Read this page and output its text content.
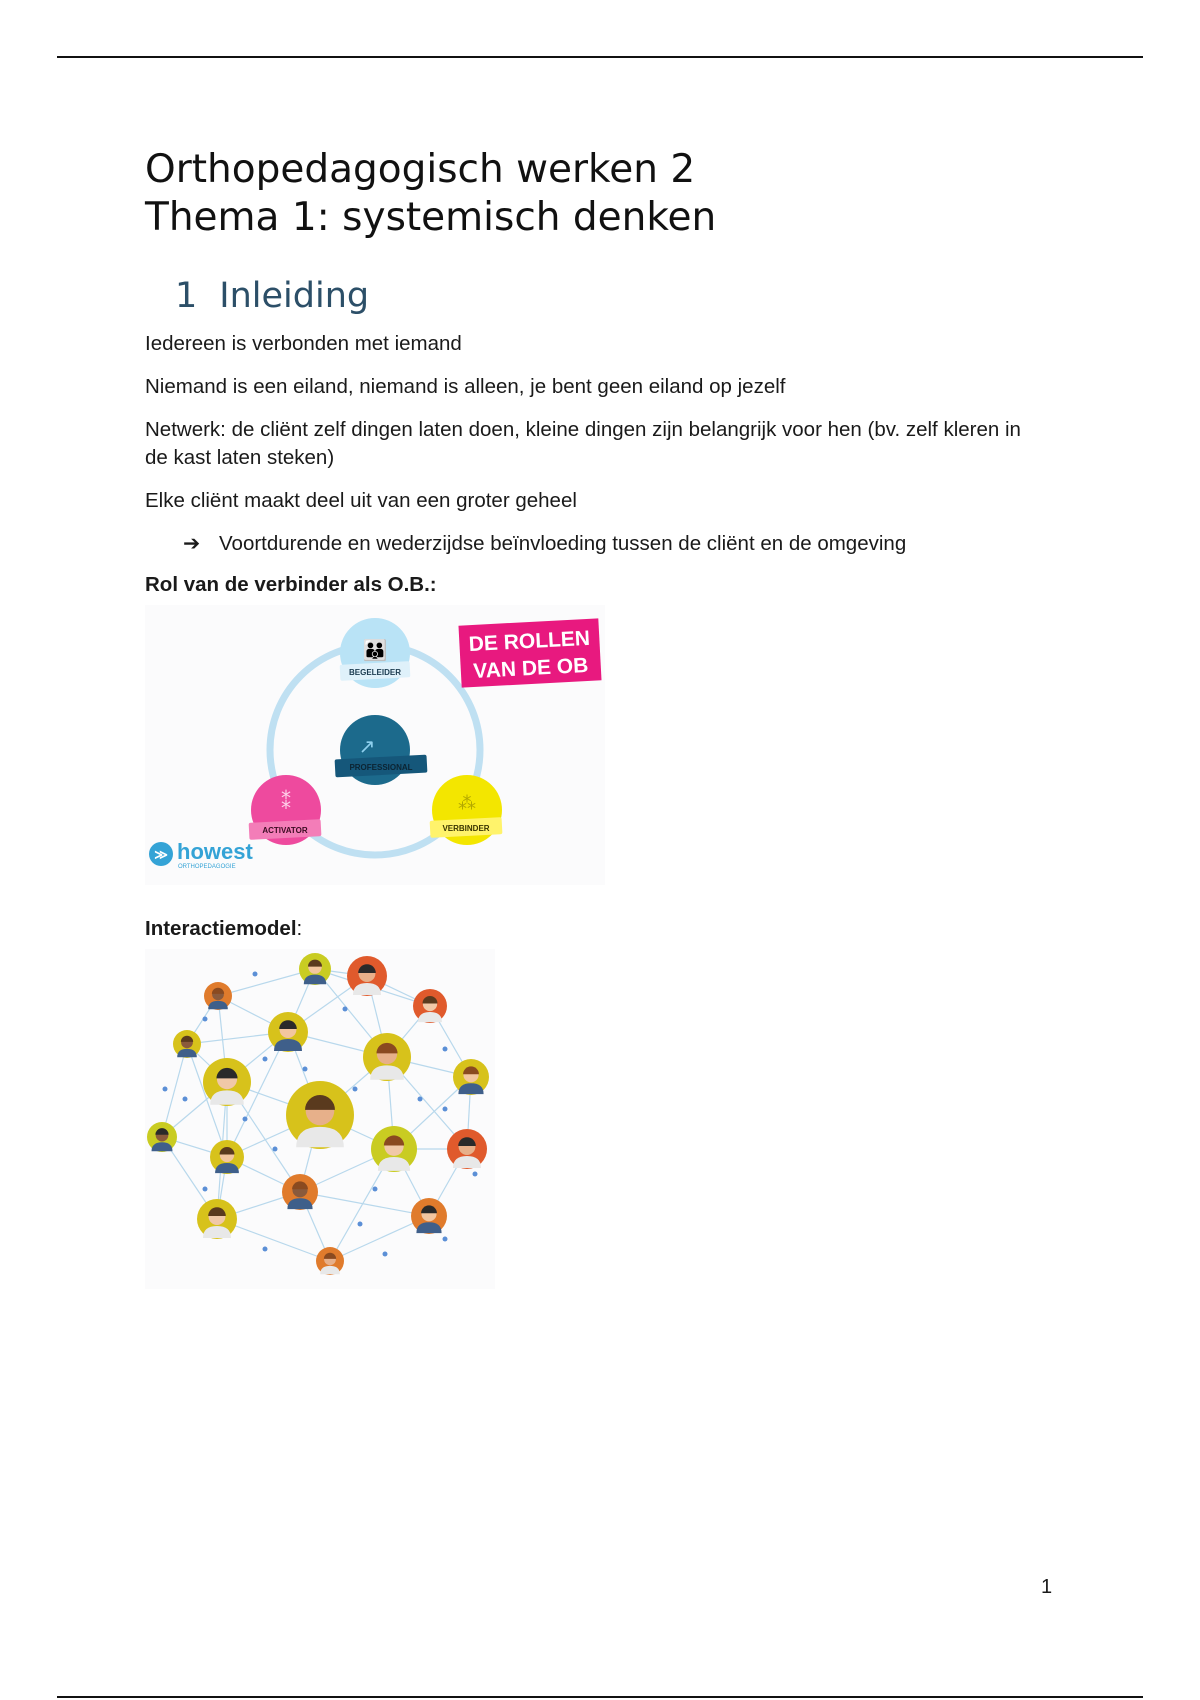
Orthopedagogisch werken 2
Thema 1: systemisch denken
1 Inleiding

Iedereen is verbonden met iemand

Niemand is een eiland, niemand is alleen, je bent geen eiland op jezelf

Netwerk: de cliënt zelf dingen laten doen, kleine dingen zijn belangrijk voor hen (bv. zelf kleren in de kast laten steken)

Elke cliënt maakt deel uit van een groter geheel

➔ Voortdurende en wederzijdse beïnvloeding tussen de cliënt en de omgeving
Rol van de verbinder als O.B.:
👪
BEGELEIDER
↗
PROFESSIONAL
⁑
ACTIVATOR
⁂
VERBINDER
DE ROLLEN
VAN DE OB
≫ howest
ORTHOPEDAGOGIE
Interactiemodel:
1
